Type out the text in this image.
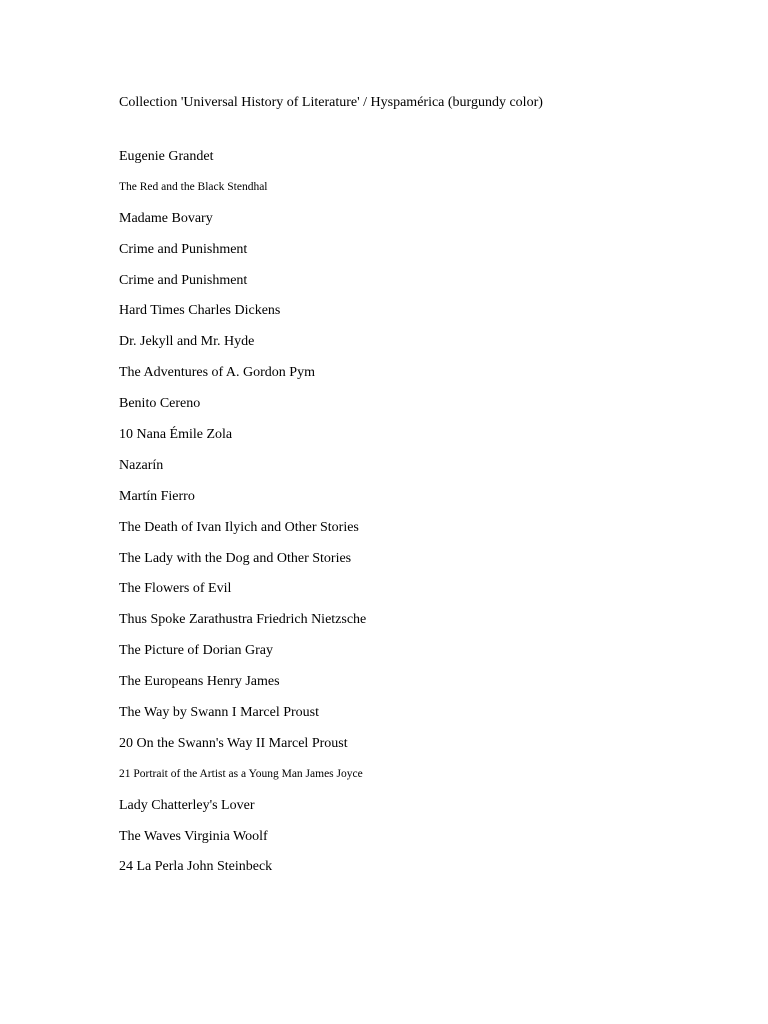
Collection 'Universal History of Literature' / Hyspamérica (burgundy color)
Eugenie Grandet
The Red and the Black Stendhal
Madame Bovary
Crime and Punishment
Crime and Punishment
Hard Times Charles Dickens
Dr. Jekyll and Mr. Hyde
The Adventures of A. Gordon Pym
Benito Cereno
10 Nana Émile Zola
Nazarín
Martín Fierro
The Death of Ivan Ilyich and Other Stories
The Lady with the Dog and Other Stories
The Flowers of Evil
Thus Spoke Zarathustra Friedrich Nietzsche
The Picture of Dorian Gray
The Europeans Henry James
The Way by Swann I Marcel Proust
20 On the Swann's Way II Marcel Proust
21 Portrait of the Artist as a Young Man James Joyce
Lady Chatterley's Lover
The Waves Virginia Woolf
24 La Perla John Steinbeck
